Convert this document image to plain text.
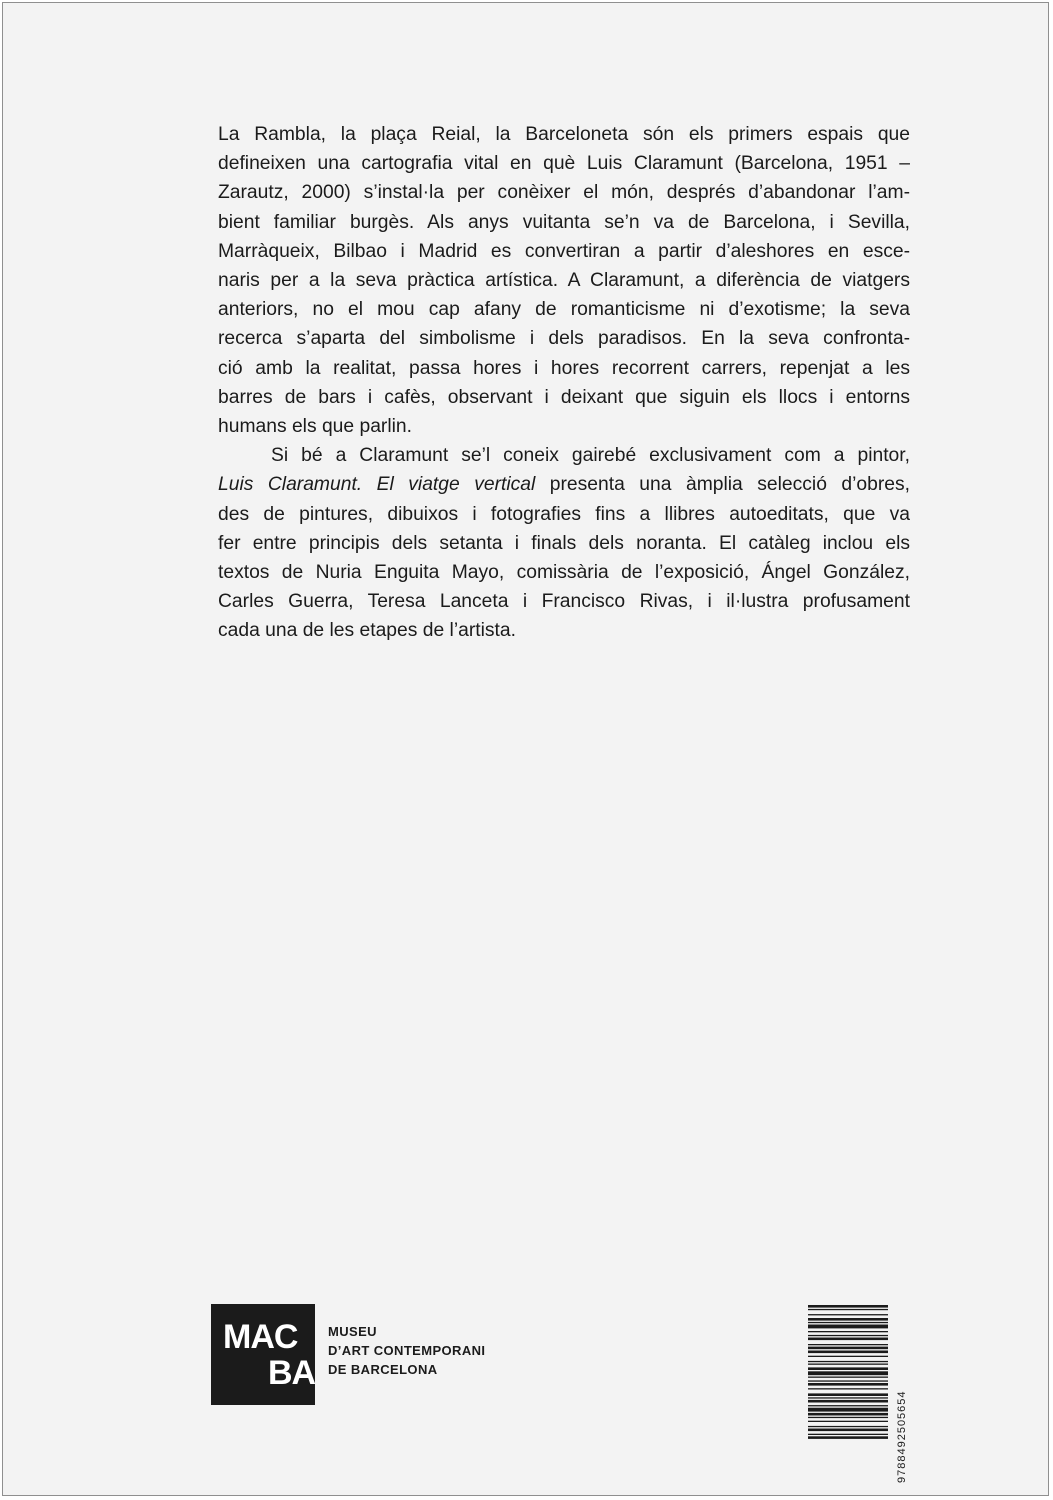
La Rambla, la plaça Reial, la Barceloneta són els primers espais que
defineixen una cartografia vital en què Luis Claramunt (Barcelona, 1951 –
Zarautz, 2000) s’instal·la per conèixer el món, després d’abandonar l’am-
bient familiar burgès. Als anys vuitanta se’n va de Barcelona, i Sevilla,
Marràqueix, Bilbao i Madrid es convertiran a partir d’aleshores en esce-
naris per a la seva pràctica artística. A Claramunt, a diferència de viatgers
anteriors, no el mou cap afany de romanticisme ni d’exotisme; la seva
recerca s’aparta del simbolisme i dels paradisos. En la seva confronta-
ció amb la realitat, passa hores i hores recorrent carrers, repenjat a les
barres de bars i cafès, observant i deixant que siguin els llocs i entorns
humans els que parlin.

Si bé a Claramunt se’l coneix gairebé exclusivament com a pintor,
Luis Claramunt. El viatge vertical presenta una àmplia selecció d’obres,
des de pintures, dibuixos i fotografies fins a llibres autoeditats, que va
fer entre principis dels setanta i finals dels noranta. El catàleg inclou els
textos de Nuria Enguita Mayo, comissària de l’exposició, Ángel González,
Carles Guerra, Teresa Lanceta i Francisco Rivas, i il·lustra profusament
cada una de les etapes de l’artista.

MAC
BA
MUSEU
D’ART CONTEMPORANI
DE BARCELONA
9788492505654
